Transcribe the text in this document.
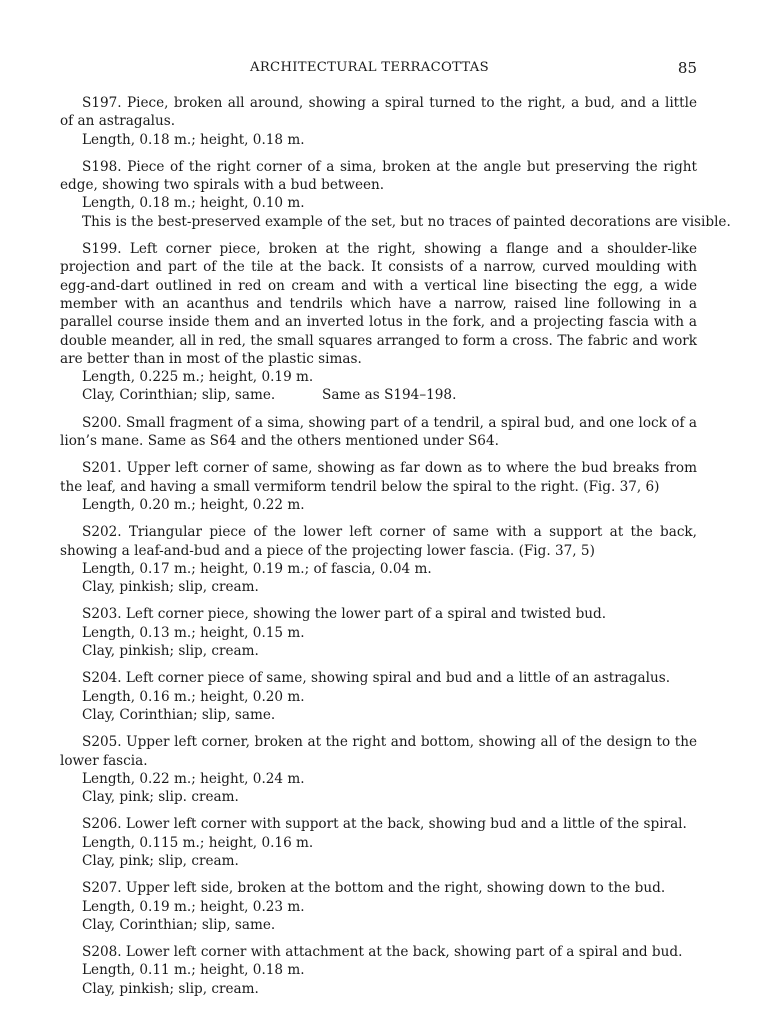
ARCHITECTURAL TERRACOTTAS	85

S197. Piece, broken all around, showing a spiral turned to the right, a bud, and a little of an astragalus.

Length, 0.18 m.; height, 0.18 m.

S198. Piece of the right corner of a sima, broken at the angle but preserving the right edge, showing two spirals with a bud between.

Length, 0.18 m.; height, 0.10 m.

This is the best-preserved example of the set, but no traces of painted decorations are visible.

S199. Left corner piece, broken at the right, showing a flange and a shoulder-like projection and part of the tile at the back. It consists of a narrow, curved moulding with egg-and-dart outlined in red on cream and with a vertical line bisecting the egg, a wide member with an acanthus and tendrils which have a narrow, raised line following in a parallel course inside them and an inverted lotus in the fork, and a projecting fascia with a double meander, all in red, the small squares arranged to form a cross. The fabric and work are better than in most of the plastic simas.

Length, 0.225 m.; height, 0.19 m.

Clay, Corinthian; slip, same.	Same as S194–198.

S200. Small fragment of a sima, showing part of a tendril, a spiral bud, and one lock of a lion’s mane. Same as S64 and the others mentioned under S64.

S201. Upper left corner of same, showing as far down as to where the bud breaks from the leaf, and having a small vermiform tendril below the spiral to the right. (Fig. 37, 6)

Length, 0.20 m.; height, 0.22 m.

S202. Triangular piece of the lower left corner of same with a support at the back, showing a leaf-and-bud and a piece of the projecting lower fascia. (Fig. 37, 5)

Length, 0.17 m.; height, 0.19 m.; of fascia, 0.04 m.

Clay, pinkish; slip, cream.

S203. Left corner piece, showing the lower part of a spiral and twisted bud.

Length, 0.13 m.; height, 0.15 m.

Clay, pinkish; slip, cream.

S204. Left corner piece of same, showing spiral and bud and a little of an astragalus.

Length, 0.16 m.; height, 0.20 m.

Clay, Corinthian; slip, same.

S205. Upper left corner, broken at the right and bottom, showing all of the design to the lower fascia.

Length, 0.22 m.; height, 0.24 m.

Clay, pink; slip. cream.

S206. Lower left corner with support at the back, showing bud and a little of the spiral.

Length, 0.115 m.; height, 0.16 m.

Clay, pink; slip, cream.

S207. Upper left side, broken at the bottom and the right, showing down to the bud.

Length, 0.19 m.; height, 0.23 m.

Clay, Corinthian; slip, same.

S208. Lower left corner with attachment at the back, showing part of a spiral and bud.

Length, 0.11 m.; height, 0.18 m.

Clay, pinkish; slip, cream.
